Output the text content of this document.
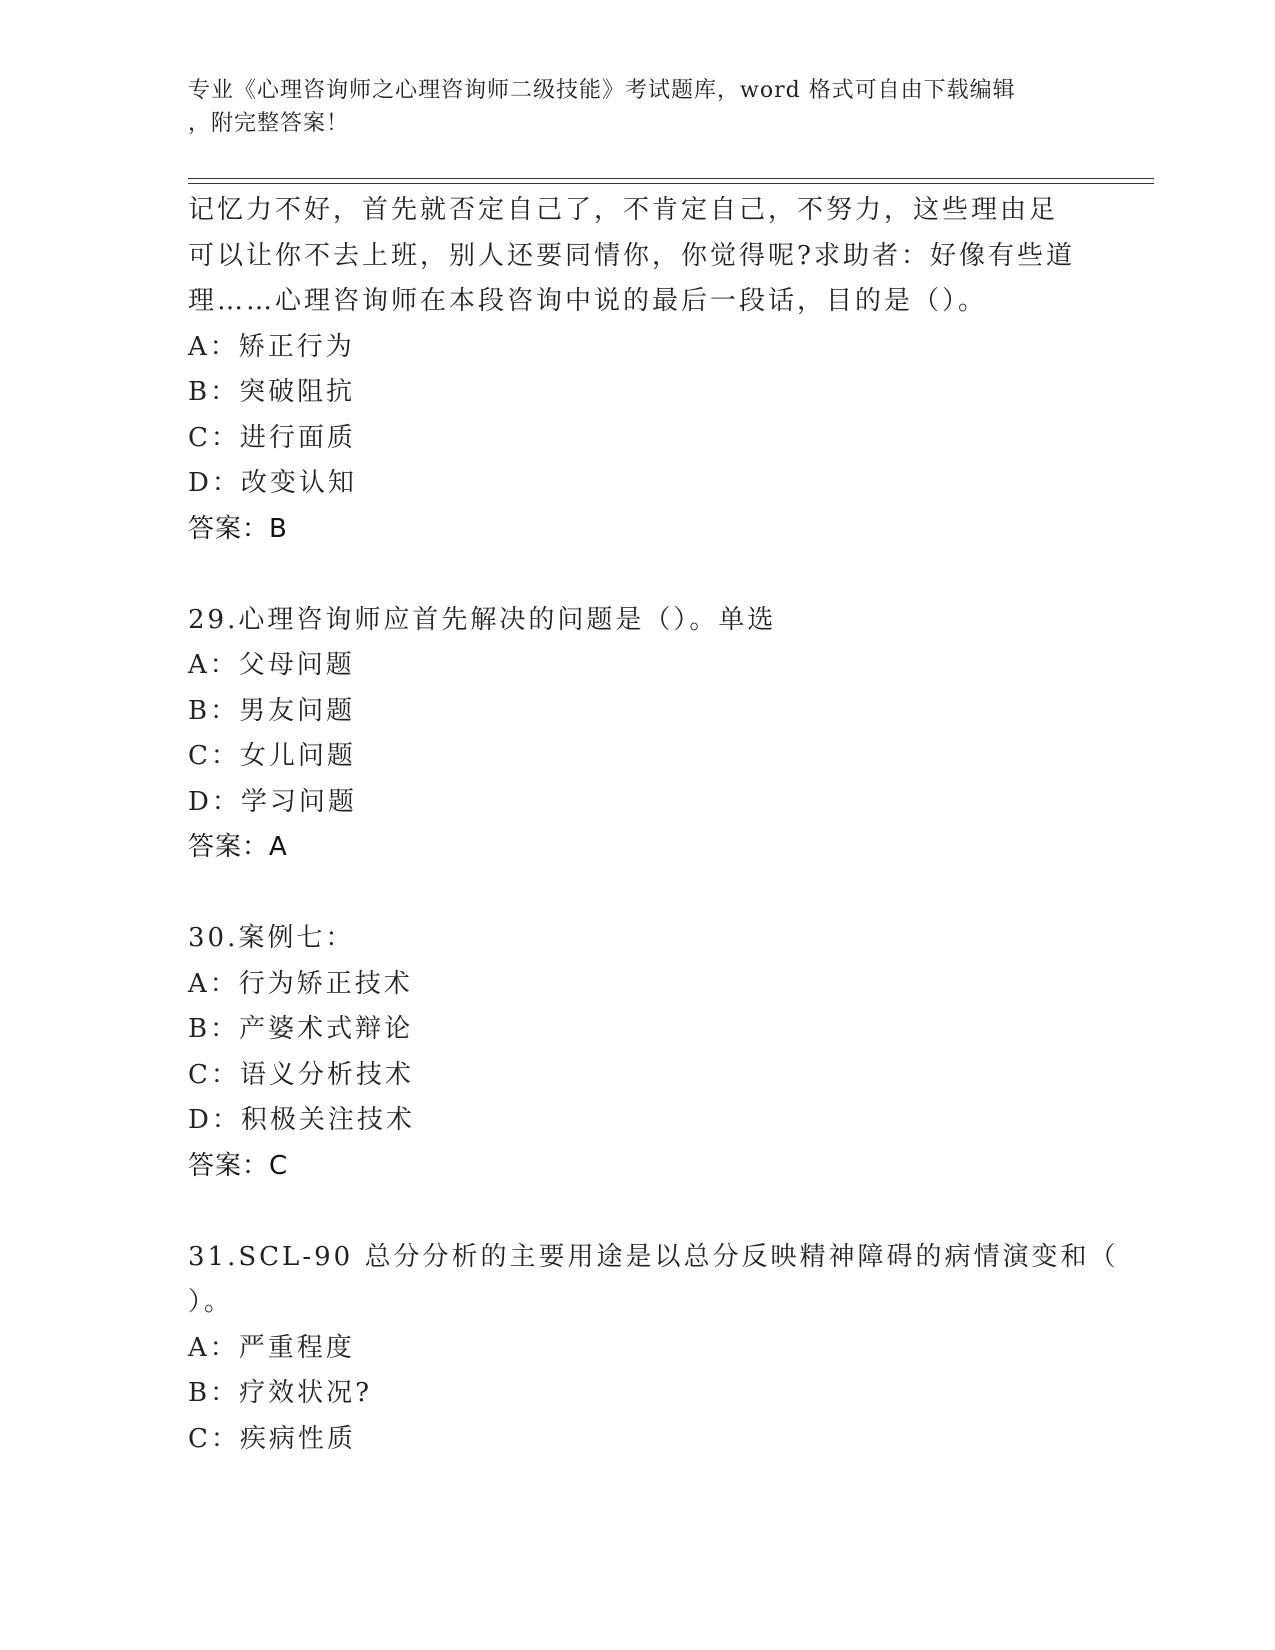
专业《心理咨询师之心理咨询师二级技能》考试题库，word 格式可自由下载编辑
，附完整答案！
记忆力不好，首先就否定自己了，不肯定自己，不努力，这些理由足
可以让你不去上班，别人还要同情你，你觉得呢?求助者：好像有些道
理……心理咨询师在本段咨询中说的最后一段话，目的是（）。
A：矫正行为
B：突破阻抗
C：进行面质
D：改变认知
答案：B
29.心理咨询师应首先解决的问题是（）。单选
A：父母问题
B：男友问题
C：女儿问题
D：学习问题
答案：A
30.案例七：
A：行为矫正技术
B：产婆术式辩论
C：语义分析技术
D：积极关注技术
答案：C
31.SCL-90 总分分析的主要用途是以总分反映精神障碍的病情演变和（
）。
A：严重程度
B：疗效状况?
C：疾病性质
